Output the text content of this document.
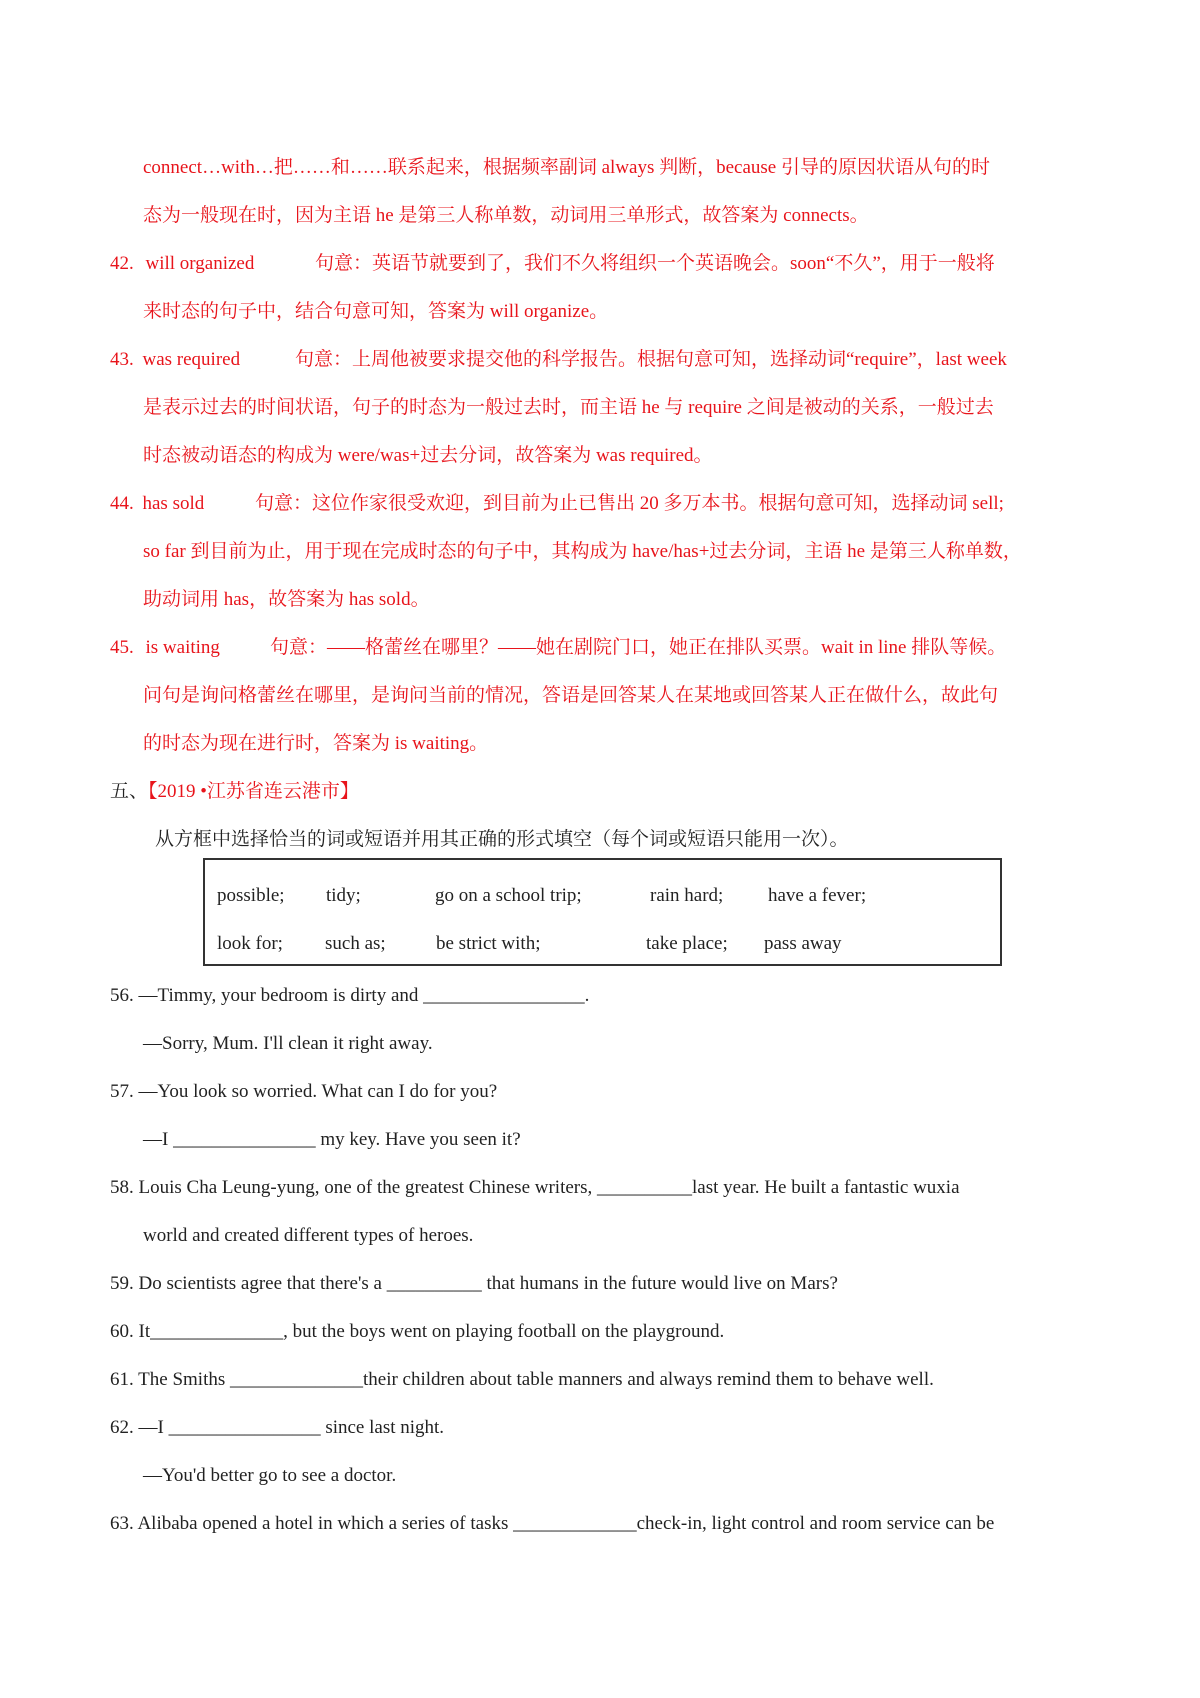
connect…with…把……和……联系起来，根据频率副词 always 判断，because 引导的原因状语从句的时
态为一般现在时，因为主语 he 是第三人称单数，动词用三单形式，故答案为 connects。
42. will organized	句意：英语节就要到了，我们不久将组织一个英语晚会。soon“不久”，用于一般将
来时态的句子中，结合句意可知，答案为 will organize。
43. was required	句意：上周他被要求提交他的科学报告。根据句意可知，选择动词“require”，last week
是表示过去的时间状语，句子的时态为一般过去时，而主语 he 与 require 之间是被动的关系，一般过去
时态被动语态的构成为 were/was+过去分词，故答案为 was required。
44. has sold	句意：这位作家很受欢迎，到目前为止已售出 20 多万本书。根据句意可知，选择动词 sell;
so far 到目前为止，用于现在完成时态的句子中，其构成为 have/has+过去分词，主语 he 是第三人称单数，
助动词用 has，故答案为 has sold。
45. is waiting	句意：——格蕾丝在哪里？——她在剧院门口，她正在排队买票。wait in line 排队等候。
问句是询问格蕾丝在哪里，是询问当前的情况，答语是回答某人在某地或回答某人正在做什么，故此句
的时态为现在进行时，答案为 is waiting。
五、【2019 •江苏省连云港市】
从方框中选择恰当的词或短语并用其正确的形式填空（每个词或短语只能用一次）。
possible; tidy;	go on a school trip;	rain hard; have a fever;
look for; such as;	be strict with;	take place; pass away
56. —Timmy, your bedroom is dirty and _________________.
—Sorry, Mum. I'll clean it right away.
57. —You look so worried. What can I do for you?
—I _______________ my key. Have you seen it?
58. Louis Cha Leung-yung, one of the greatest Chinese writers, __________last year. He built a fantastic wuxia
world and created different types of heroes.
59. Do scientists agree that there's a __________ that humans in the future would live on Mars?
60. It______________, but the boys went on playing football on the playground.
61. The Smiths ______________their children about table manners and always remind them to behave well.
62. —I ________________ since last night.
—You'd better go to see a doctor.
63. Alibaba opened a hotel in which a series of tasks _____________check-in, light control and room service can be
